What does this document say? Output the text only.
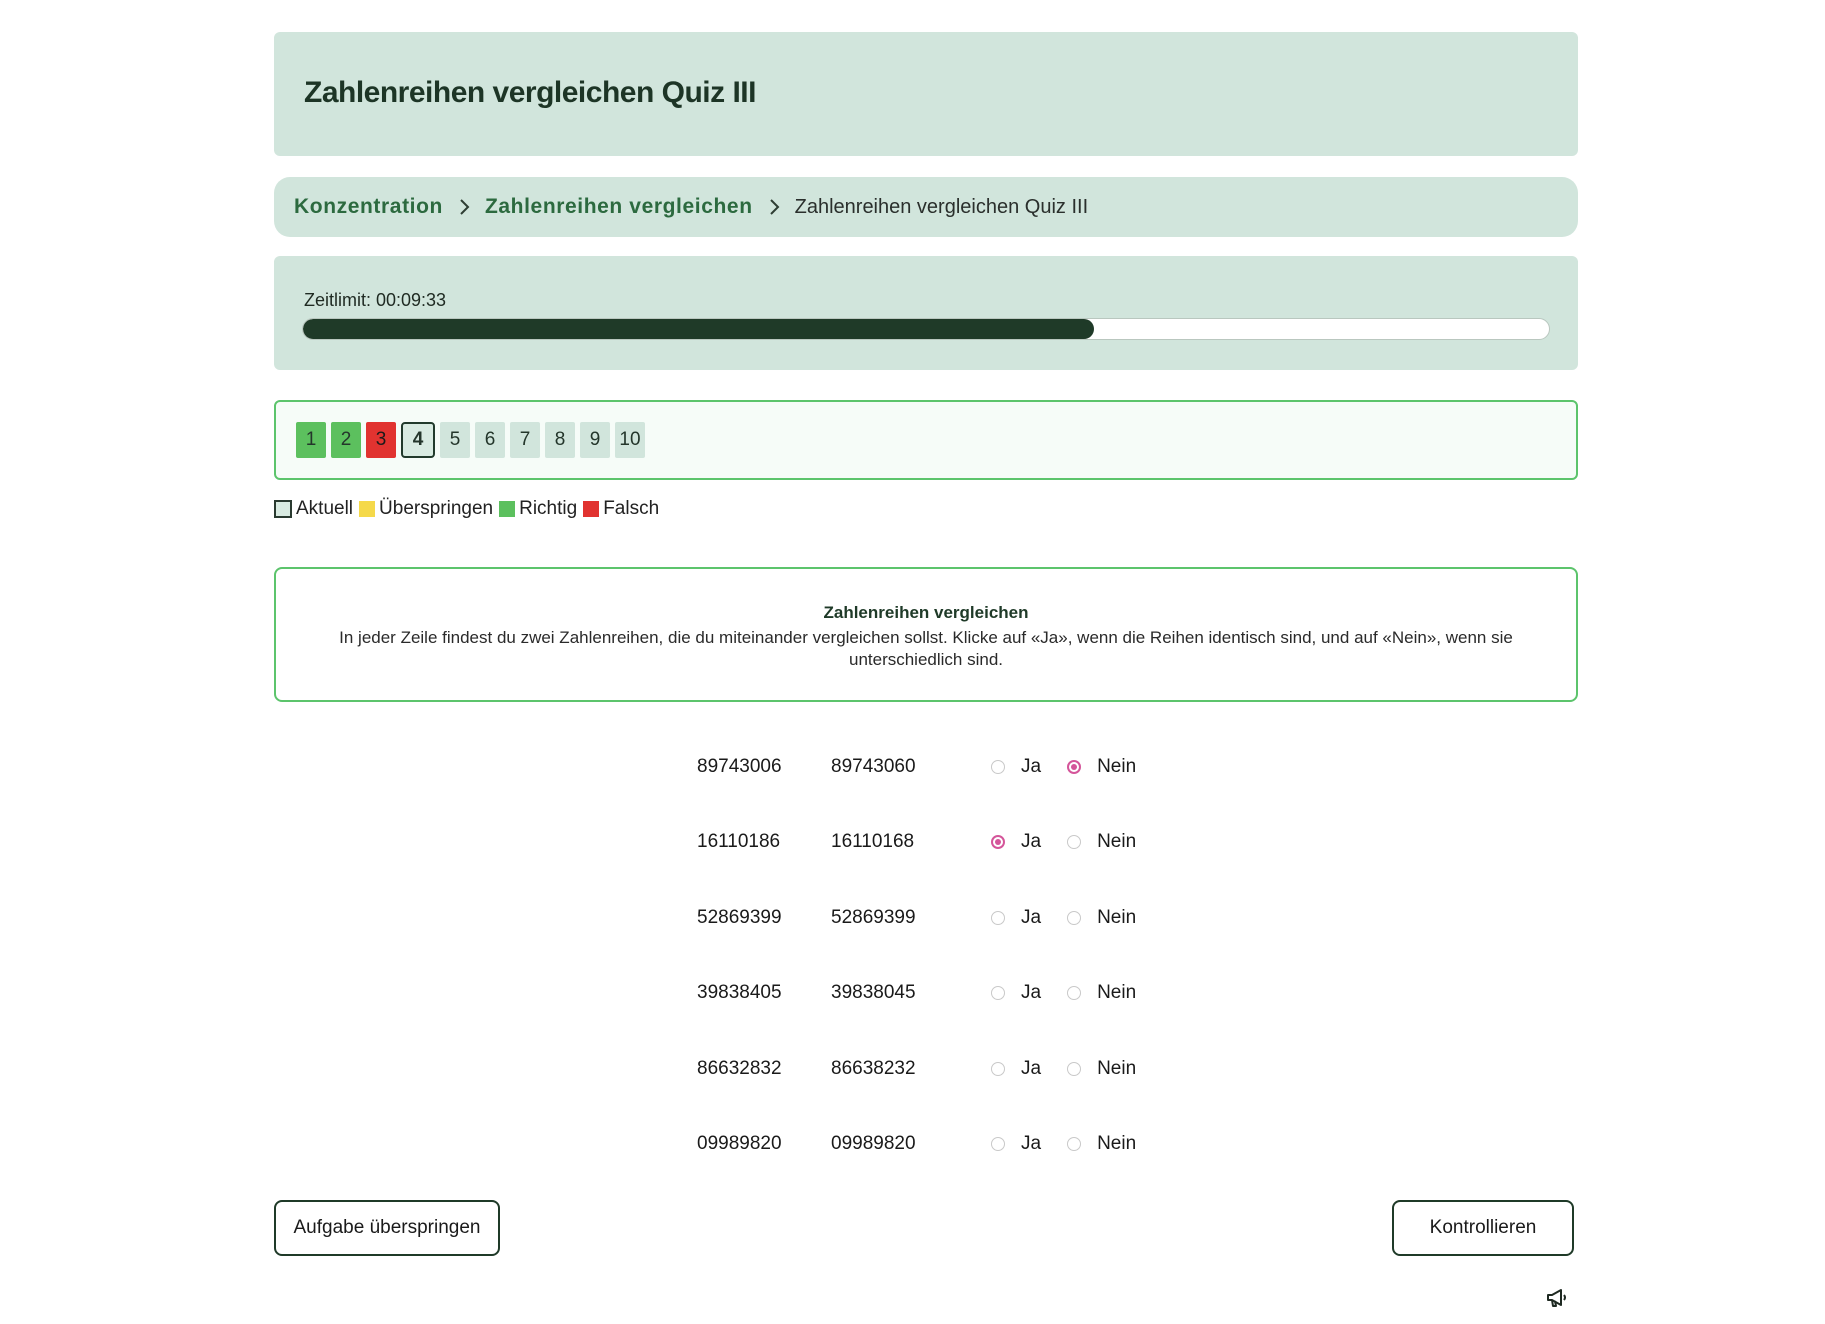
Zahlenreihen vergleichen Quiz III
Konzentration Zahlenreihen vergleichen Zahlenreihen vergleichen Quiz III
Zeitlimit: 00:09:33
1	2	3	4	5	6	7	8	9	10
Aktuell Überspringen Richtig Falsch
Zahlenreihen vergleichen

In jeder Zeile findest du zwei Zahlenreihen, die du miteinander vergleichen sollst. Klicke auf «Ja», wenn die Reihen identisch sind, und auf «Nein», wenn sie unterschiedlich sind.

89743006	89743060	Ja	Nein
16110186	16110168	Ja	Nein
52869399	52869399	Ja	Nein
39838405	39838045	Ja	Nein
86632832	86638232	Ja	Nein
09989820	09989820	Ja	Nein
Aufgabe überspringen	Kontrollieren
